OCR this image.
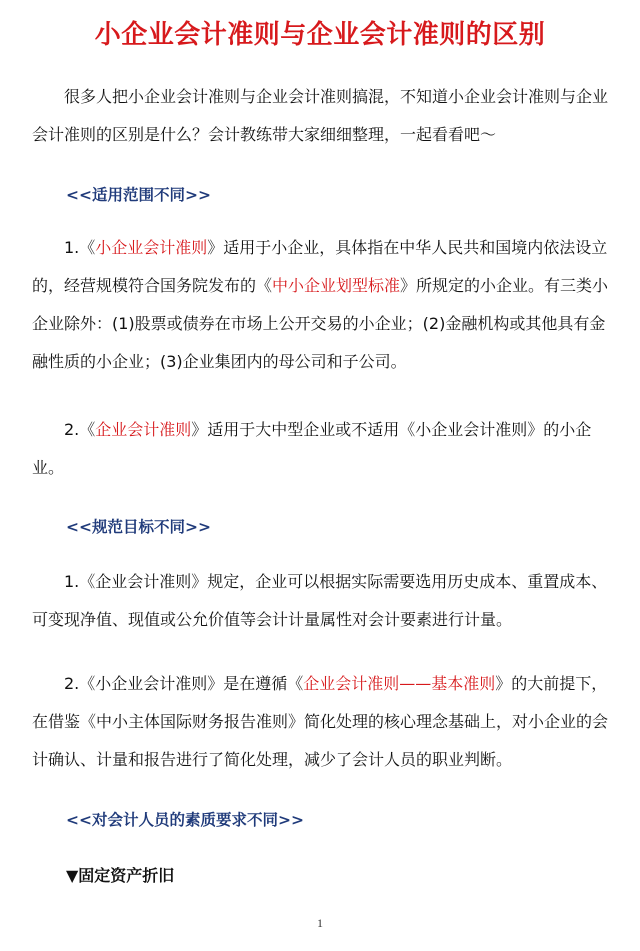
小企业会计准则与企业会计准则的区别

很多人把小企业会计准则与企业会计准则搞混，不知道小企业会计准则与企业会计准则的区别是什么？会计教练带大家细细整理，一起看看吧～

<<适用范围不同>>

1.《小企业会计准则》适用于小企业，具体指在中华人民共和国境内依法设立的，经营规模符合国务院发布的《中小企业划型标准》所规定的小企业。有三类小企业除外：(1)股票或债券在市场上公开交易的小企业；(2)金融机构或其他具有金融性质的小企业；(3)企业集团内的母公司和子公司。

2.《企业会计准则》适用于大中型企业或不适用《小企业会计准则》的小企业。

<<规范目标不同>>

1.《企业会计准则》规定，企业可以根据实际需要选用历史成本、重置成本、可变现净值、现值或公允价值等会计计量属性对会计要素进行计量。

2.《小企业会计准则》是在遵循《企业会计准则——基本准则》的大前提下，在借鉴《中小主体国际财务报告准则》简化处理的核心理念基础上，对小企业的会计确认、计量和报告进行了简化处理，减少了会计人员的职业判断。

<<对会计人员的素质要求不同>>

▼固定资产折旧

1
